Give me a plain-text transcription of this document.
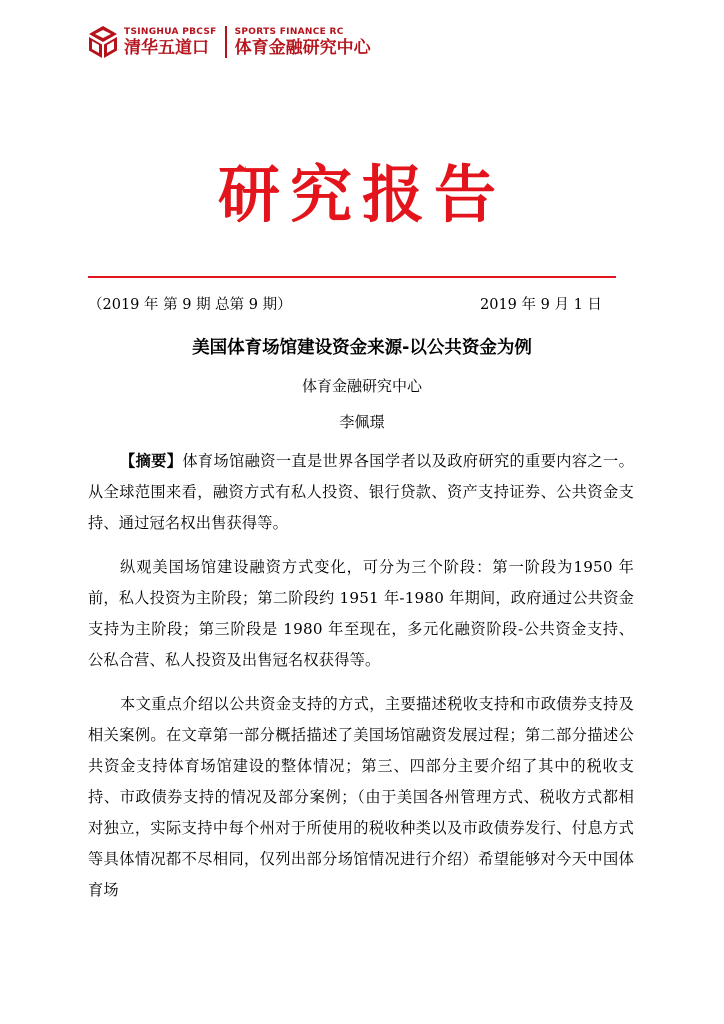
TSINGHUA PBCSF
清华五道口
SPORTS FINANCE RC
体育金融研究中心
研究报告
（2019 年 第 9 期 总第 9 期）	2019 年 9 月 1 日
美国体育场馆建设资金来源-以公共资金为例
体育金融研究中心
李佩璟

【摘要】体育场馆融资一直是世界各国学者以及政府研究的重要内容之一。从全球范围来看，融资方式有私人投资、银行贷款、资产支持证券、公共资金支持、通过冠名权出售获得等。

纵观美国场馆建设融资方式变化，可分为三个阶段：第一阶段为1950 年前，私人投资为主阶段；第二阶段约 1951 年-1980 年期间，政府通过公共资金支持为主阶段；第三阶段是 1980 年至现在，多元化融资阶段-公共资金支持、公私合营、私人投资及出售冠名权获得等。

本文重点介绍以公共资金支持的方式，主要描述税收支持和市政债券支持及相关案例。在文章第一部分概括描述了美国场馆融资发展过程；第二部分描述公共资金支持体育场馆建设的整体情况；第三、四部分主要介绍了其中的税收支持、市政债券支持的情况及部分案例；（由于美国各州管理方式、税收方式都相对独立，实际支持中每个州对于所使用的税收种类以及市政债券发行、付息方式等具体情况都不尽相同，仅列出部分场馆情况进行介绍）希望能够对今天中国体育场
